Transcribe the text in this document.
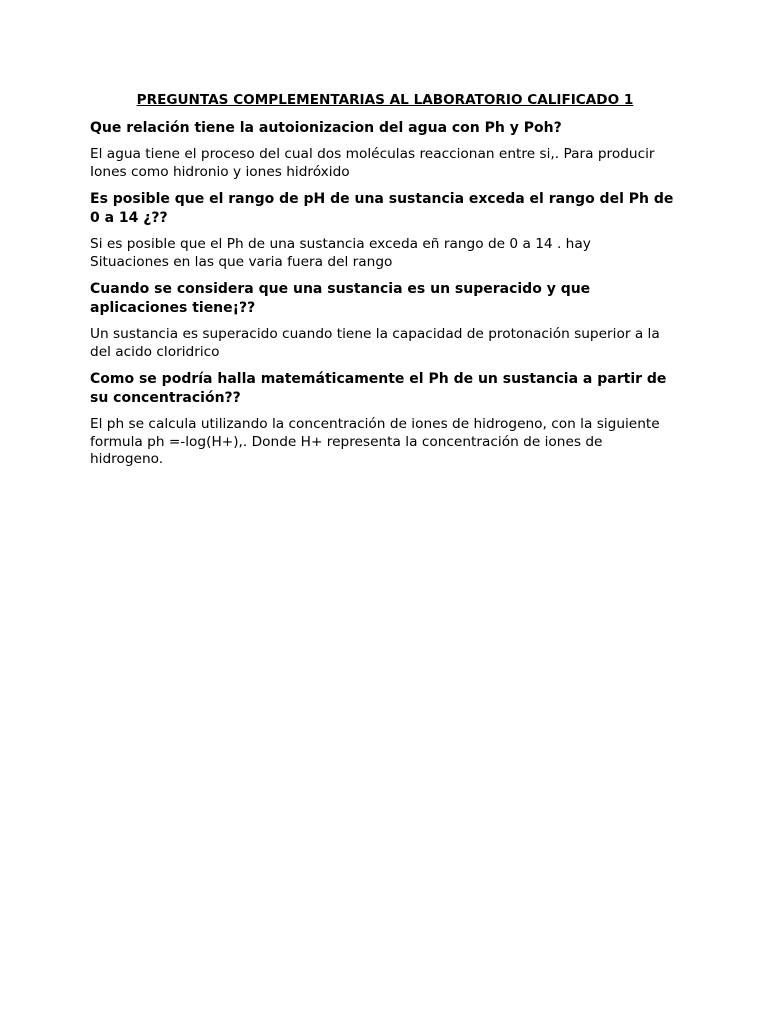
PREGUNTAS COMPLEMENTARIAS AL LABORATORIO CALIFICADO 1
Que relación tiene la autoionizacion del agua con Ph y Poh?
El agua tiene el proceso del cual dos moléculas reaccionan entre si,. Para producir
Iones como hidronio y iones hidróxido
Es posible que el rango de pH de una sustancia exceda el rango del Ph de 0 a 14 ¿??
Si es posible que el Ph de una sustancia exceda eñ rango de 0 a 14 . hay
Situaciones en las que varia fuera del rango
Cuando se considera que una sustancia es un superacido y que aplicaciones tiene¡??
Un sustancia es superacido cuando tiene la capacidad de protonación superior a la
del acido cloridrico
Como se podría halla matemáticamente el Ph de un sustancia a partir de su concentración??
El ph se calcula utilizando la concentración de iones de hidrogeno, con la siguiente
formula ph =-log(H+),. Donde H+ representa la concentración de iones de
hidrogeno.
